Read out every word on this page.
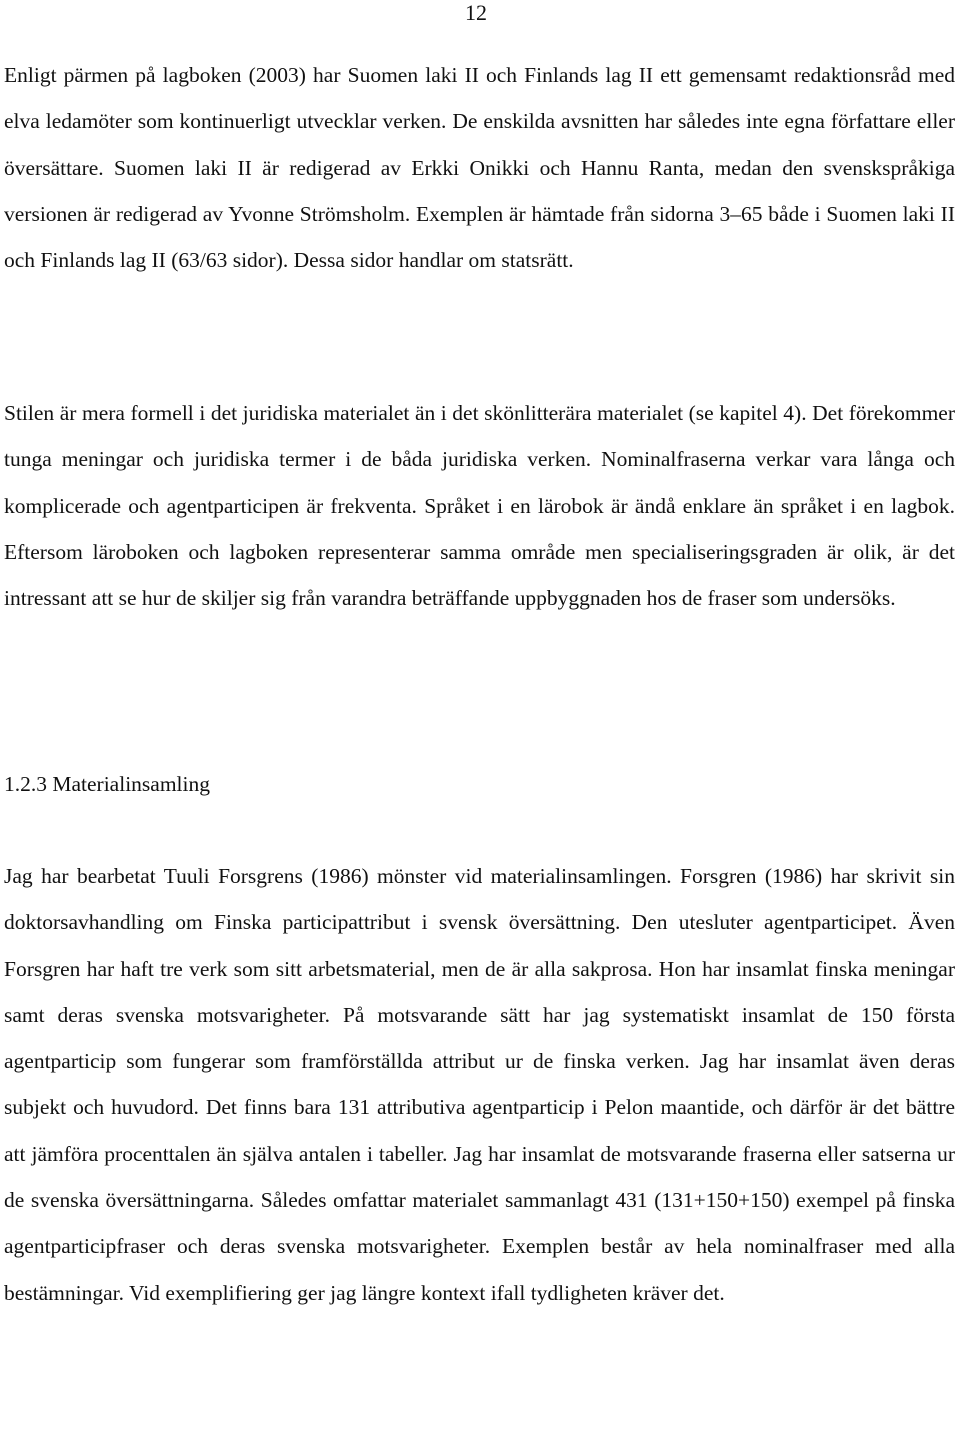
12

Enligt pärmen på lagboken (2003) har Suomen laki II och Finlands lag II ett gemensamt redaktionsråd med elva ledamöter som kontinuerligt utvecklar verken. De enskilda avsnitten har således inte egna författare eller översättare. Suomen laki II är redigerad av Erkki Onikki och Hannu Ranta, medan den svenskspråkiga versionen är redigerad av Yvonne Strömsholm. Exemplen är hämtade från sidorna 3–65 både i Suomen laki II och Finlands lag II (63/63 sidor). Dessa sidor handlar om statsrätt.

Stilen är mera formell i det juridiska materialet än i det skönlitterära materialet (se kapitel 4). Det förekommer tunga meningar och juridiska termer i de båda juridiska verken. Nominalfraserna verkar vara långa och komplicerade och agentparticipen är frekventa. Språket i en lärobok är ändå enklare än språket i en lagbok. Eftersom läroboken och lagboken representerar samma område men specialiseringsgraden är olik, är det intressant att se hur de skiljer sig från varandra beträffande uppbyggnaden hos de fraser som undersöks.

1.2.3 Materialinsamling

Jag har bearbetat Tuuli Forsgrens (1986) mönster vid materialinsamlingen. Forsgren (1986) har skrivit sin doktorsavhandling om Finska participattribut i svensk översättning. Den utesluter agentparticipet. Även Forsgren har haft tre verk som sitt arbetsmaterial, men de är alla sakprosa. Hon har insamlat finska meningar samt deras svenska motsvarigheter. På motsvarande sätt har jag systematiskt insamlat de 150 första agentparticip som fungerar som framförställda attribut ur de finska verken. Jag har insamlat även deras subjekt och huvudord. Det finns bara 131 attributiva agentparticip i Pelon maantide, och därför är det bättre att jämföra procenttalen än själva antalen i tabeller. Jag har insamlat de motsvarande fraserna eller satserna ur de svenska översättningarna. Således omfattar materialet sammanlagt 431 (131+150+150) exempel på finska agentparticipfraser och deras svenska motsvarigheter. Exemplen består av hela nominalfraser med alla bestämningar. Vid exemplifiering ger jag längre kontext ifall tydligheten kräver det.
